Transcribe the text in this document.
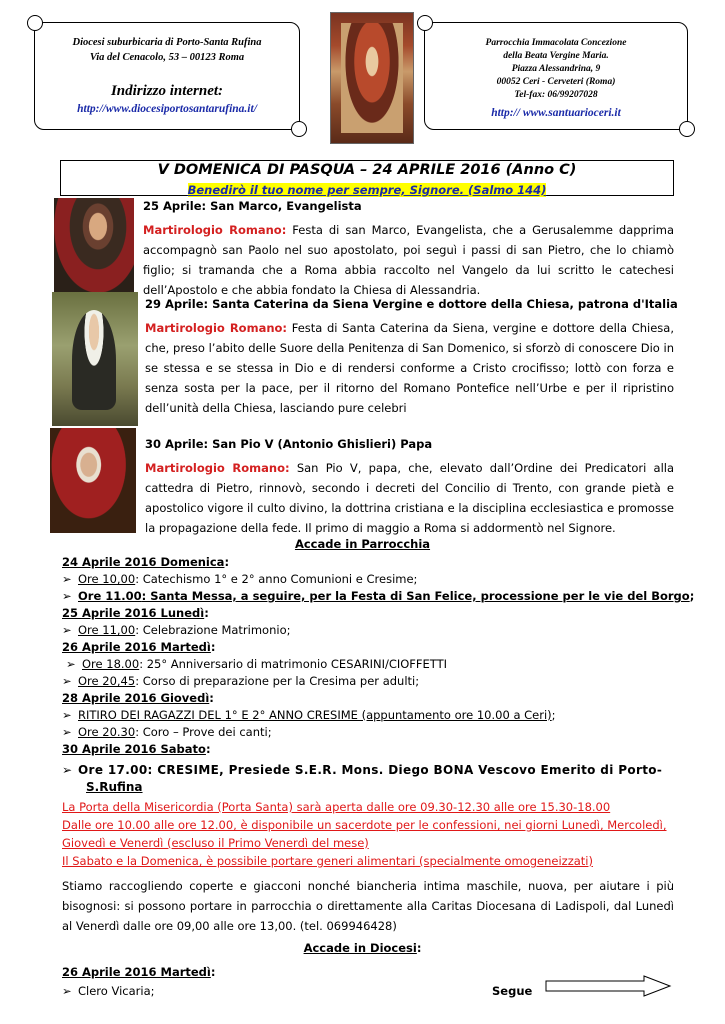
Diocesi suburbicaria di Porto-Santa Rufina
Via del Cenacolo, 53 – 00123 Roma
Indirizzo internet:
http://www.diocesiportosantarufina.it/
Parrocchia Immacolata Concezione
della Beata Vergine Maria.
Piazza Alessandrina, 9
00052 Ceri - Cerveteri (Roma)
Tel-fax: 06/99207028
http:// www.santuarioceri.it
V DOMENICA DI PASQUA – 24 APRILE 2016 (Anno C)
Benedirò il tuo nome per sempre, Signore. (Salmo 144)
25 Aprile: San Marco, Evangelista
Martirologio Romano: Festa di san Marco, Evangelista, che a Gerusalemme dapprima accompagnò san Paolo nel suo apostolato, poi seguì i passi di san Pietro, che lo chiamò figlio; si tramanda che a Roma abbia raccolto nel Vangelo da lui scritto le catechesi dell’Apostolo e che abbia fondato la Chiesa di Alessandria.
29 Aprile: Santa Caterina da Siena Vergine e dottore della Chiesa, patrona d'Italia
Martirologio Romano: Festa di Santa Caterina da Siena, vergine e dottore della Chiesa, che, preso l’abito delle Suore della Penitenza di San Domenico, si sforzò di conoscere Dio in se stessa e se stessa in Dio e di rendersi conforme a Cristo crocifisso; lottò con forza e senza sosta per la pace, per il ritorno del Romano Pontefice nell’Urbe e per il ripristino dell’unità della Chiesa, lasciando pure celebri
30 Aprile: San Pio V (Antonio Ghislieri) Papa
Martirologio Romano: San Pio V, papa, che, elevato dall’Ordine dei Predicatori alla cattedra di Pietro, rinnovò, secondo i decreti del Concilio di Trento, con grande pietà e apostolico vigore il culto divino, la dottrina cristiana e la disciplina ecclesiastica e promosse la propagazione della fede. Il primo di maggio a Roma si addormentò nel Signore.
Accade in Parrocchia
24 Aprile 2016 Domenica:
➢ Ore 10,00: Catechismo 1° e 2° anno Comunioni e Cresime;
➢ Ore 11.00: Santa Messa, a seguire, per la Festa di San Felice, processione per le vie del Borgo;
25 Aprile 2016 Lunedì:
➢ Ore 11,00: Celebrazione Matrimonio;
26 Aprile 2016 Martedì:
➢ Ore 18.00: 25° Anniversario di matrimonio CESARINI/CIOFFETTI
➢ Ore 20,45: Corso di preparazione per la Cresima per adulti;
28 Aprile 2016 Giovedì:
➢ RITIRO DEI RAGAZZI DEL 1° E 2° ANNO CRESIME (appuntamento ore 10.00 a Ceri);
➢ Ore 20.30: Coro – Prove dei canti;
30 Aprile 2016 Sabato:
➢ Ore 17.00: CRESIME, Presiede S.E.R. Mons. Diego BONA Vescovo Emerito di Porto-
S.Rufina
La Porta della Misericordia (Porta Santa) sarà aperta dalle ore 09.30-12.30 alle ore 15.30-18.00
Dalle ore 10.00 alle ore 12.00, è disponibile un sacerdote per le confessioni, nei giorni Lunedì, Mercoledì,
Giovedì e Venerdì (escluso il Primo Venerdì del mese)
Il Sabato e la Domenica, è possibile portare generi alimentari (specialmente omogeneizzati)
Stiamo raccogliendo coperte e giacconi nonché biancheria intima maschile, nuova, per aiutare i più bisognosi: si possono portare in parrocchia o direttamente alla Caritas Diocesana di Ladispoli, dal Lunedì al Venerdì dalle ore 09,00 alle ore 13,00. (tel. 069946428)
Accade in Diocesi:
26 Aprile 2016 Martedì:
➢ Clero Vicaria;	Segue
